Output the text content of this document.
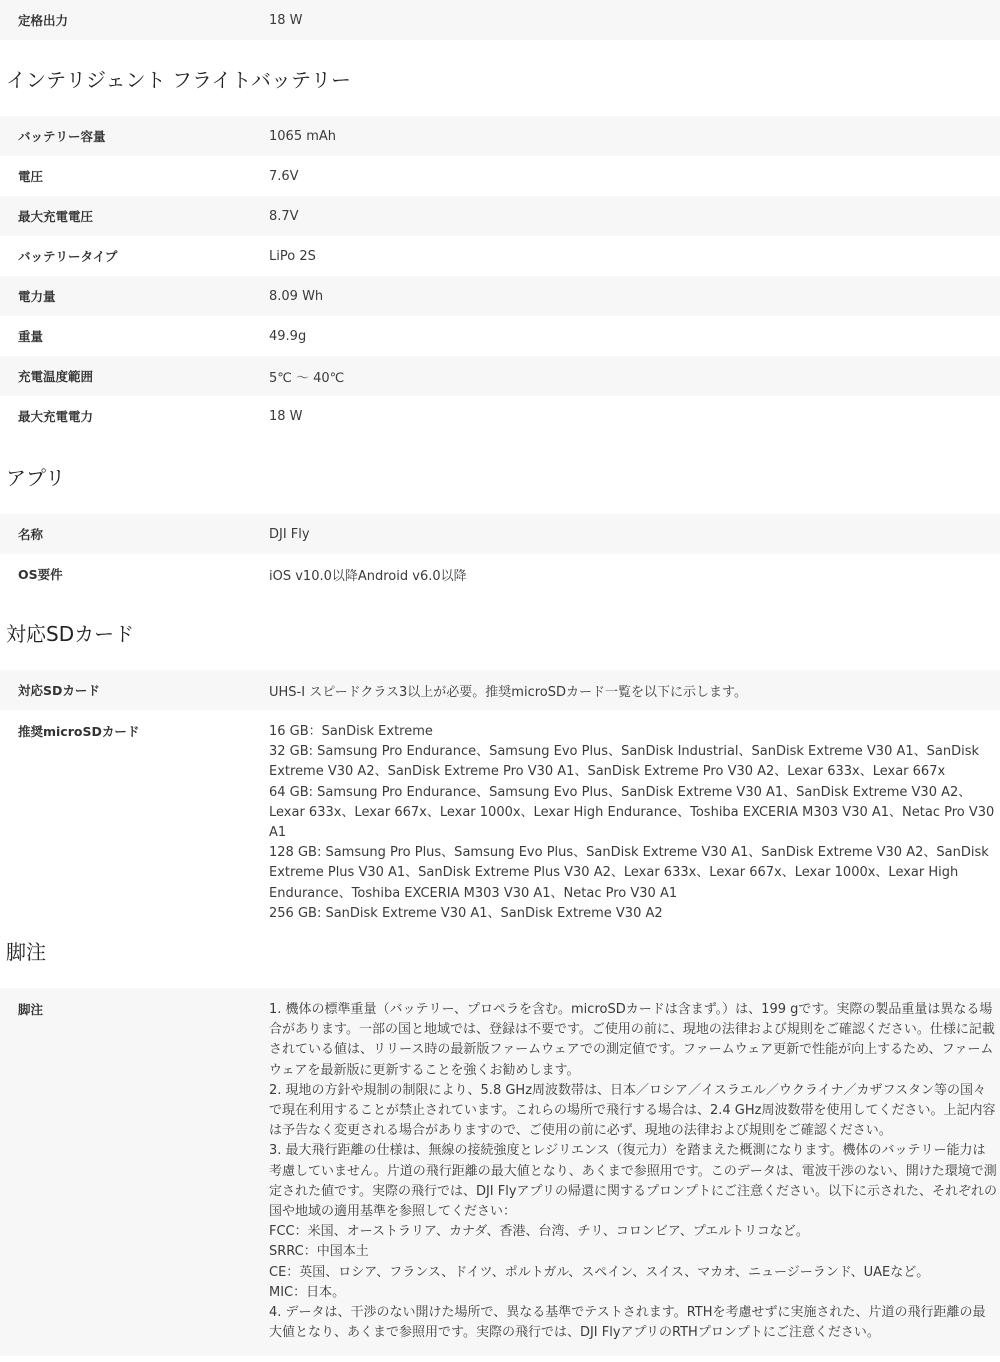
定格出力	18 W
インテリジェント フライトバッテリー
バッテリー容量	1065 mAh
電圧	7.6V
最大充電電圧	8.7V
バッテリータイプ	LiPo 2S
電力量	8.09 Wh
重量	49.9g
充電温度範囲	5℃ ～ 40℃
最大充電電力	18 W
アプリ
名称	DJI Fly
OS要件	iOS v10.0以降Android v6.0以降
対応SDカード
対応SDカード	UHS-I スピードクラス3以上が必要。推奨microSDカード一覧を以下に示します。
推奨microSDカード	16 GB：SanDisk Extreme
32 GB: Samsung Pro Endurance、Samsung Evo Plus、SanDisk Industrial、SanDisk Extreme V30 A1、SanDisk Extreme V30 A2、SanDisk Extreme Pro V30 A1、SanDisk Extreme Pro V30 A2、Lexar 633x、Lexar 667x
64 GB: Samsung Pro Endurance、Samsung Evo Plus、SanDisk Extreme V30 A1、SanDisk Extreme V30 A2、Lexar 633x、Lexar 667x、Lexar 1000x、Lexar High Endurance、Toshiba EXCERIA M303 V30 A1、Netac Pro V30 A1
128 GB: Samsung Pro Plus、Samsung Evo Plus、SanDisk Extreme V30 A1、SanDisk Extreme V30 A2、SanDisk Extreme Plus V30 A1、SanDisk Extreme Plus V30 A2、Lexar 633x、Lexar 667x、Lexar 1000x、Lexar High Endurance、Toshiba EXCERIA M303 V30 A1、Netac Pro V30 A1
256 GB: SanDisk Extreme V30 A1、SanDisk Extreme V30 A2
脚注
脚注	1. 機体の標準重量（バッテリー、プロペラを含む。microSDカードは含まず。）は、199 gです。実際の製品重量は異なる場合があります。一部の国と地域では、登録は不要です。ご使用の前に、現地の法律および規則をご確認ください。仕様に記載されている値は、リリース時の最新版ファームウェアでの測定値です。ファームウェア更新で性能が向上するため、ファームウェアを最新版に更新することを強くお勧めします。
2. 現地の方針や規制の制限により、5.8 GHz周波数帯は、日本／ロシア／イスラエル／ウクライナ／カザフスタン等の国々で現在利用することが禁止されています。これらの場所で飛行する場合は、2.4 GHz周波数帯を使用してください。上記内容は予告なく変更される場合がありますので、ご使用の前に必ず、現地の法律および規則をご確認ください。
3. 最大飛行距離の仕様は、無線の接続強度とレジリエンス（復元力）を踏まえた概測になります。機体のバッテリー能力は考慮していません。片道の飛行距離の最大値となり、あくまで参照用です。このデータは、電波干渉のない、開けた環境で測定された値です。実際の飛行では、DJI Flyアプリの帰還に関するプロンプトにご注意ください。以下に示された、それぞれの国や地域の適用基準を参照してください：
FCC：米国、オーストラリア、カナダ、香港、台湾、チリ、コロンビア、プエルトリコなど。
SRRC：中国本土
CE：英国、ロシア、フランス、ドイツ、ポルトガル、スペイン、スイス、マカオ、ニュージーランド、UAEなど。
MIC：日本。
4. データは、干渉のない開けた場所で、異なる基準でテストされます。RTHを考慮せずに実施された、片道の飛行距離の最大値となり、あくまで参照用です。実際の飛行では、DJI FlyアプリのRTHプロンプトにご注意ください。
